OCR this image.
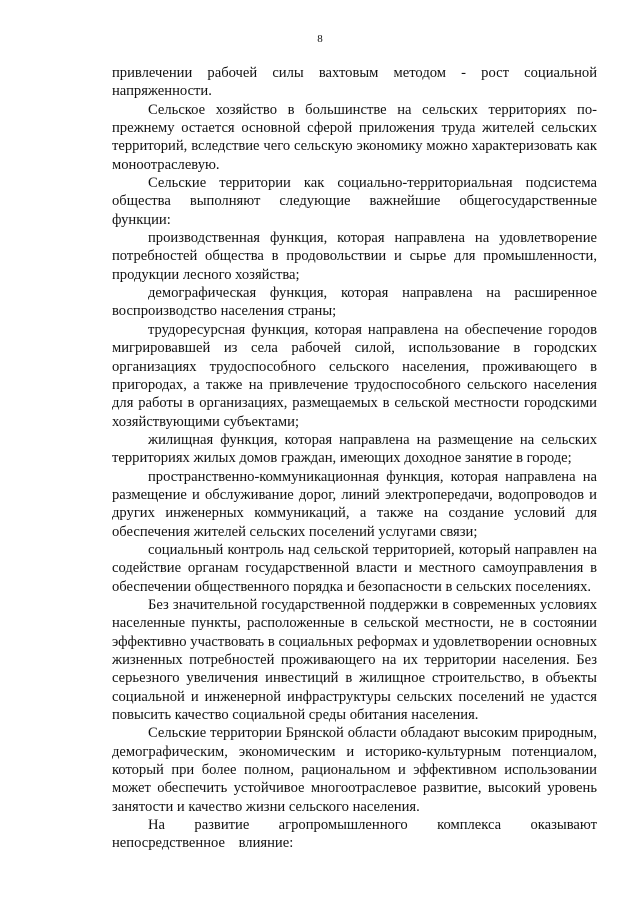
8

привлечении рабочей силы вахтовым методом - рост социальной напряженности.

Сельское хозяйство в большинстве на сельских территориях по-прежнему остается основной сферой приложения труда жителей сельских территорий, вследствие чего сельскую экономику можно характеризовать как моноотраслевую.

Сельские территории как социально-территориальная подсистема общества выполняют следующие важнейшие общегосударственные функции:

производственная функция, которая направлена на удовлетворение потребностей общества в продовольствии и сырье для промышленности, продукции лесного хозяйства;

демографическая функция, которая направлена на расширенное воспроизводство населения страны;

трудоресурсная функция, которая направлена на обеспечение городов мигрировавшей из села рабочей силой, использование в городских организациях трудоспособного сельского населения, проживающего в пригородах, а также на привлечение трудоспособного сельского населения для работы в организациях, размещаемых в сельской местности городскими хозяйствующими субъектами;

жилищная функция, которая направлена на размещение на сельских территориях жилых домов граждан, имеющих доходное занятие в городе;

пространственно-коммуникационная функция, которая направлена на размещение и обслуживание дорог, линий электропередачи, водопроводов и других инженерных коммуникаций, а также на создание условий для обеспечения жителей сельских поселений услугами связи;

социальный контроль над сельской территорией, который направлен на содействие органам государственной власти и местного самоуправления в обеспечении общественного порядка и безопасности в сельских поселениях.

Без значительной государственной поддержки в современных условиях населенные пункты, расположенные в сельской местности, не в состоянии эффективно участвовать в социальных реформах и удовлетворении основных жизненных потребностей проживающего на их территории населения. Без серьезного увеличения инвестиций в жилищное строительство, в объекты социальной и инженерной инфраструктуры сельских поселений не удастся повысить качество социальной среды обитания населения.

Сельские территории Брянской области обладают высоким природным, демографическим, экономическим и историко-культурным потенциалом, который при более полном, рациональном и эффективном использовании может обеспечить устойчивое многоотраслевое развитие, высокий уровень занятости и качество жизни сельского населения.

На развитие агропромышленного комплекса оказывают непосредственное влияние:
